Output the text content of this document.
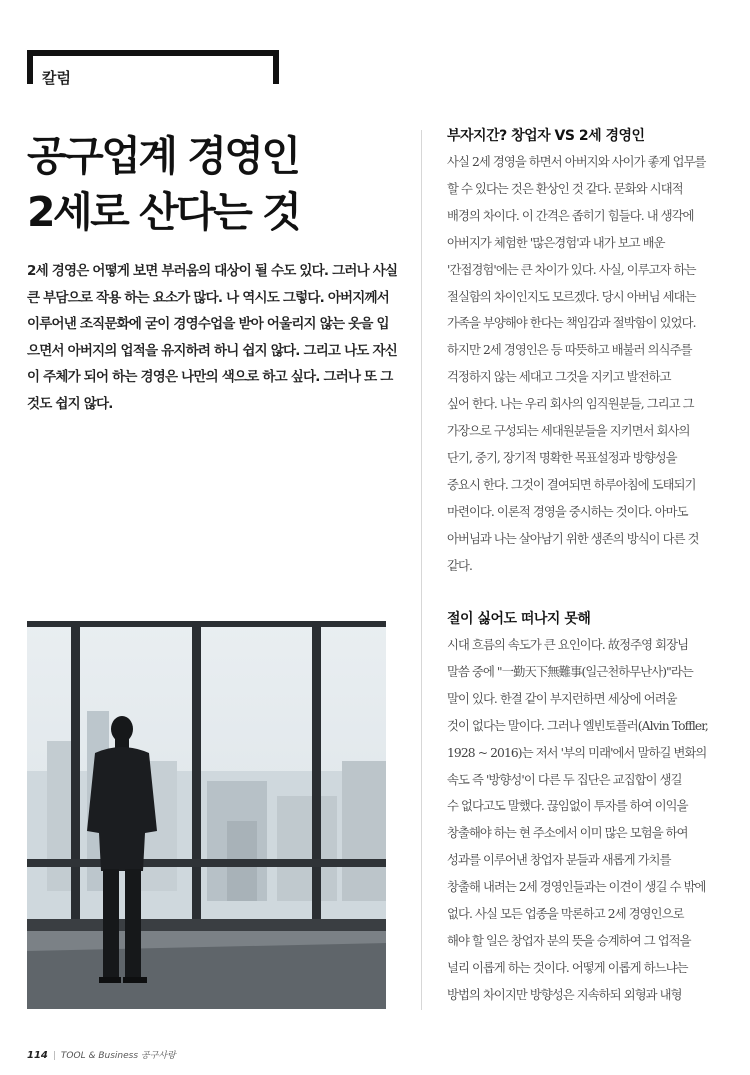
칼럼
공구업계 경영인
2세로 산다는 것

2세 경영은 어떻게 보면 부러움의 대상이 될 수도 있다. 그러나 사실 큰 부담으로 작용 하는 요소가 많다. 나 역시도 그렇다. 아버지께서 이루어낸 조직문화에 굳이 경영수업을 받아 어울리지 않는 옷을 입으면서 아버지의 업적을 유지하려 하니 쉽지 않다. 그리고 나도 자신이 주체가 되어 하는 경영은 나만의 색으로 하고 싶다. 그러나 또 그것도 쉽지 않다.

부자지간? 창업자 VS 2세 경영인

사실 2세 경영을 하면서 아버지와 사이가 좋게 업무를
할 수 있다는 것은 환상인 것 같다. 문화와 시대적
배경의 차이다. 이 간격은 좁히기 힘들다. 내 생각에
아버지가 체험한 '많은경험'과 내가 보고 배운
'간접경험'에는 큰 차이가 있다. 사실, 이루고자 하는
절실함의 차이인지도 모르겠다. 당시 아버님 세대는
가족을 부양해야 한다는 책임감과 절박함이 있었다.
하지만 2세 경영인은 등 따뜻하고 배불러 의식주를
걱정하지 않는 세대고 그것을 지키고 발전하고
싶어 한다. 나는 우리 회사의 임직원분들, 그리고 그
가장으로 구성되는 세대원분들을 지키면서 회사의
단기, 중기, 장기적 명확한 목표설정과 방향성을
중요시 한다. 그것이 결여되면 하루아침에 도태되기
마련이다. 이론적 경영을 중시하는 것이다. 아마도
아버님과 나는 살아남기 위한 생존의 방식이 다른 것
같다.

절이 싫어도 떠나지 못해

시대 흐름의 속도가 큰 요인이다. 故정주영 회장님
말씀 중에 "一勤天下無難事(일근천하무난사)"라는
말이 있다. 한결 같이 부지런하면 세상에 어려울
것이 없다는 말이다. 그러나 엘빈토플러(Alvin Toffler,
1928 ~ 2016)는 저서 '부의 미래'에서 말하길 변화의
속도 즉 '방향성'이 다른 두 집단은 교집합이 생길
수 없다고도 말했다. 끊임없이 투자를 하여 이익을
창출해야 하는 현 주소에서 이미 많은 모험을 하여
성과를 이루어낸 창업자 분들과 새롭게 가치를
창출해 내려는 2세 경영인들과는 이견이 생길 수 밖에
없다. 사실 모든 업종을 막론하고 2세 경영인으로
해야 할 일은 창업자 분의 뜻을 승계하여 그 업적을
널리 이롭게 하는 것이다. 어떻게 이롭게 하느냐는
방법의 차이지만 방향성은 지속하되 외형과 내형

114 | TOOL & Business 공구사랑
